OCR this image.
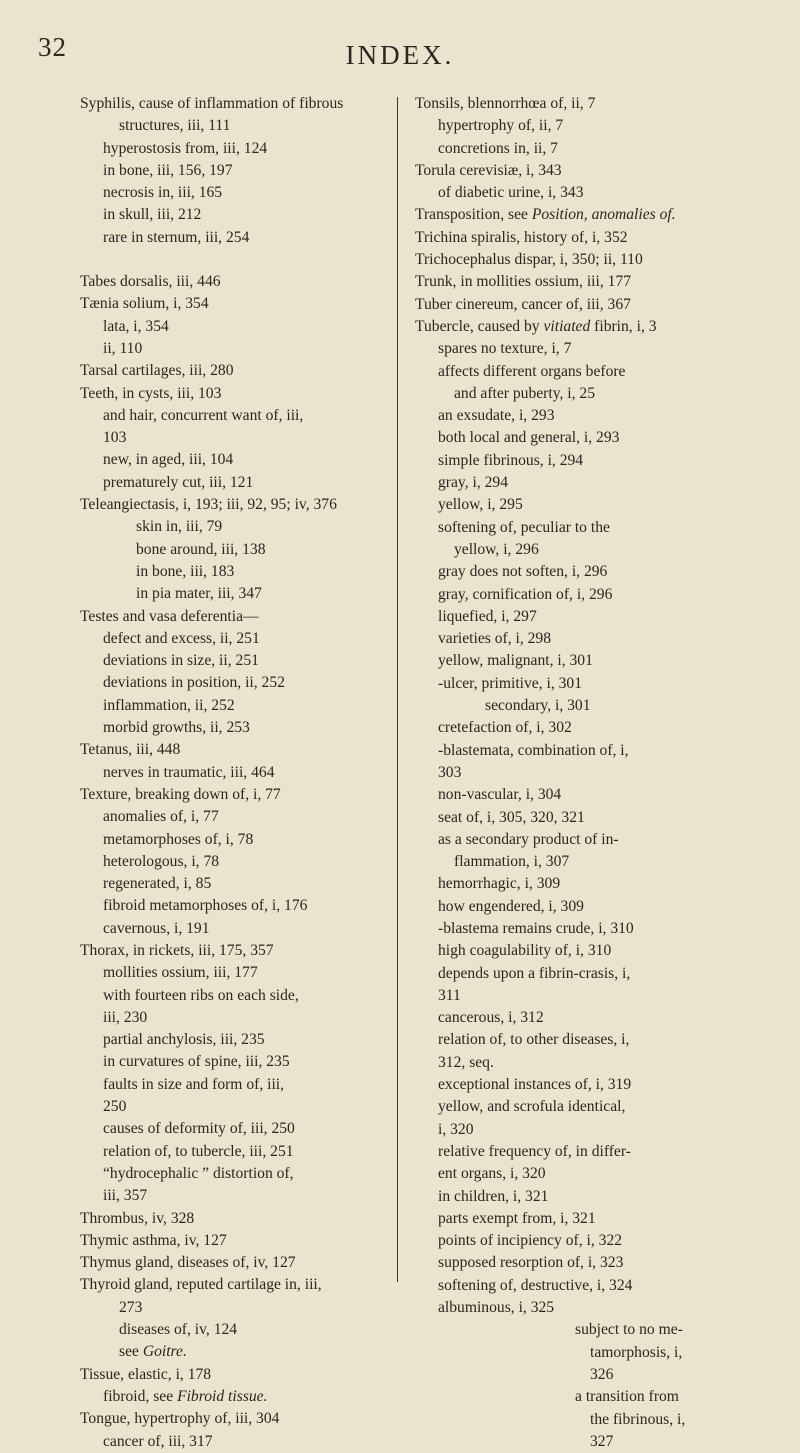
32	INDEX.
Syphilis, cause of inflammation of fibrous
structures, iii, 111
hyperostosis from, iii, 124
in bone, iii, 156, 197
necrosis in, iii, 165
in skull, iii, 212
rare in sternum, iii, 254
Tabes dorsalis, iii, 446
Tænia solium, i, 354
lata, i, 354
ii, 110
Tarsal cartilages, iii, 280
Teeth, in cysts, iii, 103
and hair, concurrent want of, iii,
103
new, in aged, iii, 104
prematurely cut, iii, 121
Teleangiectasis, i, 193; iii, 92, 95; iv, 376
skin in, iii, 79
bone around, iii, 138
in bone, iii, 183
in pia mater, iii, 347
Testes and vasa deferentia—
defect and excess, ii, 251
deviations in size, ii, 251
deviations in position, ii, 252
inflammation, ii, 252
morbid growths, ii, 253
Tetanus, iii, 448
nerves in traumatic, iii, 464
Texture, breaking down of, i, 77
anomalies of, i, 77
metamorphoses of, i, 78
heterologous, i, 78
regenerated, i, 85
fibroid metamorphoses of, i, 176
cavernous, i, 191
Thorax, in rickets, iii, 175, 357
mollities ossium, iii, 177
with fourteen ribs on each side,
iii, 230
partial anchylosis, iii, 235
in curvatures of spine, iii, 235
faults in size and form of, iii,
250
causes of deformity of, iii, 250
relation of, to tubercle, iii, 251
“hydrocephalic ” distortion of,
iii, 357
Thrombus, iv, 328
Thymic asthma, iv, 127
Thymus gland, diseases of, iv, 127
Thyroid gland, reputed cartilage in, iii,
273
diseases of, iv, 124
see Goitre.
Tissue, elastic, i, 178
fibroid, see Fibroid tissue.
Tongue, hypertrophy of, iii, 304
cancer of, iii, 317
Tonsils, blennorrhœa of, ii, 7
hypertrophy of, ii, 7
concretions in, ii, 7
Torula cerevisiæ, i, 343
of diabetic urine, i, 343
Transposition, see Position, anomalies of.
Trichina spiralis, history of, i, 352
Trichocephalus dispar, i, 350; ii, 110
Trunk, in mollities ossium, iii, 177
Tuber cinereum, cancer of, iii, 367
Tubercle, caused by vitiated fibrin, i, 3
spares no texture, i, 7
affects different organs before
and after puberty, i, 25
an exsudate, i, 293
both local and general, i, 293
simple fibrinous, i, 294
gray, i, 294
yellow, i, 295
softening of, peculiar to the
yellow, i, 296
gray does not soften, i, 296
gray, cornification of, i, 296
liquefied, i, 297
varieties of, i, 298
yellow, malignant, i, 301
-ulcer, primitive, i, 301
secondary, i, 301
cretefaction of, i, 302
-blastemata, combination of, i,
303
non-vascular, i, 304
seat of, i, 305, 320, 321
as a secondary product of in-
flammation, i, 307
hemorrhagic, i, 309
how engendered, i, 309
-blastema remains crude, i, 310
high coagulability of, i, 310
depends upon a fibrin-crasis, i,
311
cancerous, i, 312
relation of, to other diseases, i,
312, seq.
exceptional instances of, i, 319
yellow, and scrofula identical,
i, 320
relative frequency of, in differ-
ent organs, i, 320
in children, i, 321
parts exempt from, i, 321
points of incipiency of, i, 322
supposed resorption of, i, 323
softening of, destructive, i, 324
albuminous, i, 325
subject to no me-
tamorphosis, i,
326
a transition from
the fibrinous, i,
327
